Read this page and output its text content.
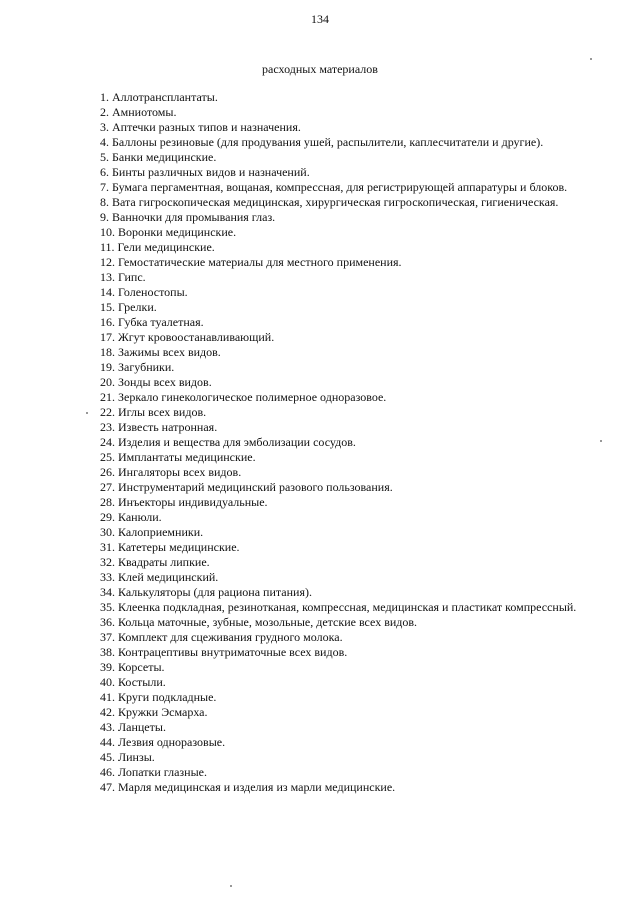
134
расходных материалов
1. Аллотрансплантаты.
2. Амниотомы.
3. Аптечки разных типов и назначения.
4. Баллоны резиновые (для продувания ушей, распылители, каплесчитатели и другие).
5. Банки медицинские.
6. Бинты различных видов и назначений.
7. Бумага пергаментная, вощаная, компрессная, для регистрирующей аппаратуры и блоков.
8. Вата гигроскопическая медицинская, хирургическая гигроскопическая, гигиеническая.
9. Ванночки для промывания глаз.
10. Воронки медицинские.
11. Гели медицинские.
12. Гемостатические материалы для местного применения.
13. Гипс.
14. Голеностопы.
15. Грелки.
16. Губка туалетная.
17. Жгут кровоостанавливающий.
18. Зажимы всех видов.
19. Загубники.
20. Зонды всех видов.
21. Зеркало гинекологическое полимерное одноразовое.
22. Иглы всех видов.
23. Известь натронная.
24. Изделия и вещества для эмболизации сосудов.
25. Имплантаты медицинские.
26. Ингаляторы всех видов.
27. Инструментарий медицинский разового пользования.
28. Инъекторы индивидуальные.
29. Канюли.
30. Калоприемники.
31. Катетеры медицинские.
32. Квадраты липкие.
33. Клей медицинский.
34. Калькуляторы (для рациона питания).
35. Клеенка подкладная, резинотканая, компрессная, медицинская и пластикат компрессный.
36. Кольца маточные, зубные, мозольные, детские всех видов.
37. Комплект для сцеживания грудного молока.
38. Контрацептивы внутриматочные всех видов.
39. Корсеты.
40. Костыли.
41. Круги подкладные.
42. Кружки Эсмарха.
43. Ланцеты.
44. Лезвия одноразовые.
45. Линзы.
46. Лопатки глазные.
47. Марля медицинская и изделия из марли медицинские.
